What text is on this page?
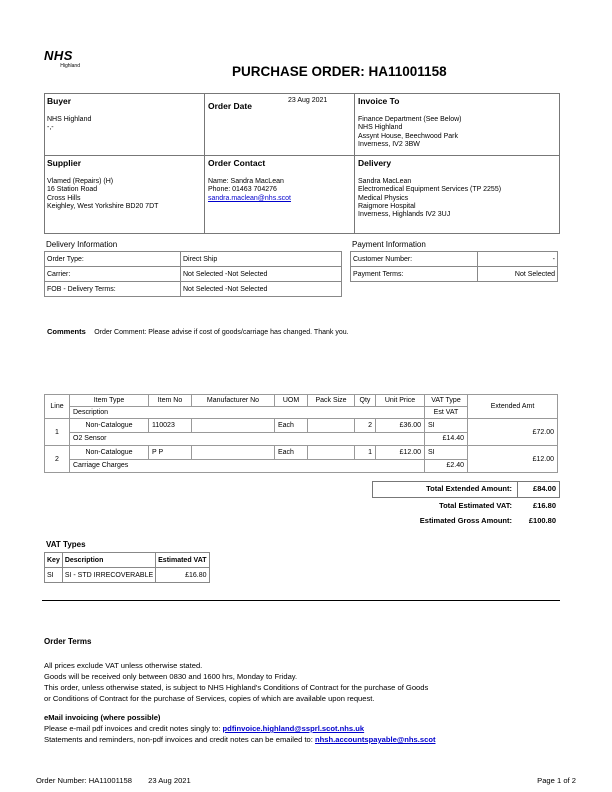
NHS
Highland	PURCHASE ORDER: HA11001158
Buyer
NHS Highland
-,-
Order Date
23 Aug 2021	Invoice To
Finance Department (See Below)
NHS Highland
Assynt House, Beechwood Park
Inverness, IV2 3BW
Supplier
Vlamed (Repairs) (H)
16 Station Road
Cross Hills
Keighley, West Yorkshire BD20 7DT
Order Contact
Name: Sandra MacLean
Phone: 01463 704276
sandra.maclean@nhs.scot
Delivery
Sandra MacLean
Electromedical Equipment Services (TP 2255)
Medical Physics
Raigmore Hospital
Inverness, Highlands IV2 3UJ
Delivery Information
Order Type:	Direct Ship
Carrier:	Not Selected -Not Selected
FOB - Delivery Terms:	Not Selected -Not Selected
Payment Information
Customer Number:	-
Payment Terms:	Not Selected
Comments Order Comment: Please advise if cost of goods/carriage has changed. Thank you.
Line	Item Type	Item No	Manufacturer No	UOM	Pack Size	Qty	Unit Price	VAT Type	Extended Amt
	Description							Est VAT	
1	Non-Catalogue	110023		Each		2	£36.00	SI	£72.00
	O2 Sensor							£14.40	
2	Non-Catalogue	P P		Each		1	£12.00	SI	£12.00
	Carriage Charges							£2.40	
Total Extended Amount:	£84.00
Total Estimated VAT:	£16.80
Estimated Gross Amount:	£100.80
VAT Types
Key	Description	Estimated VAT
SI	SI - STD IRRECOVERABLE	£16.80
Order Terms
All prices exclude VAT unless otherwise stated.
Goods will be received only between 0830 and 1600 hrs, Monday to Friday.
This order, unless otherwise stated, is subject to NHS Highland's Conditions of Contract for the purchase of Goods
or Conditions of Contract for the purchase of Services, copies of which are available upon request.
eMail invoicing (where possible)
Please e-mail pdf invoices and credit notes singly to: pdfinvoice.highland@ssprl.scot.nhs.uk
Statements and reminders, non-pdf invoices and credit notes can be emailed to: nhsh.accountspayable@nhs.scot
Order Number: HA11001158 23 Aug 2021	Page 1 of 2
